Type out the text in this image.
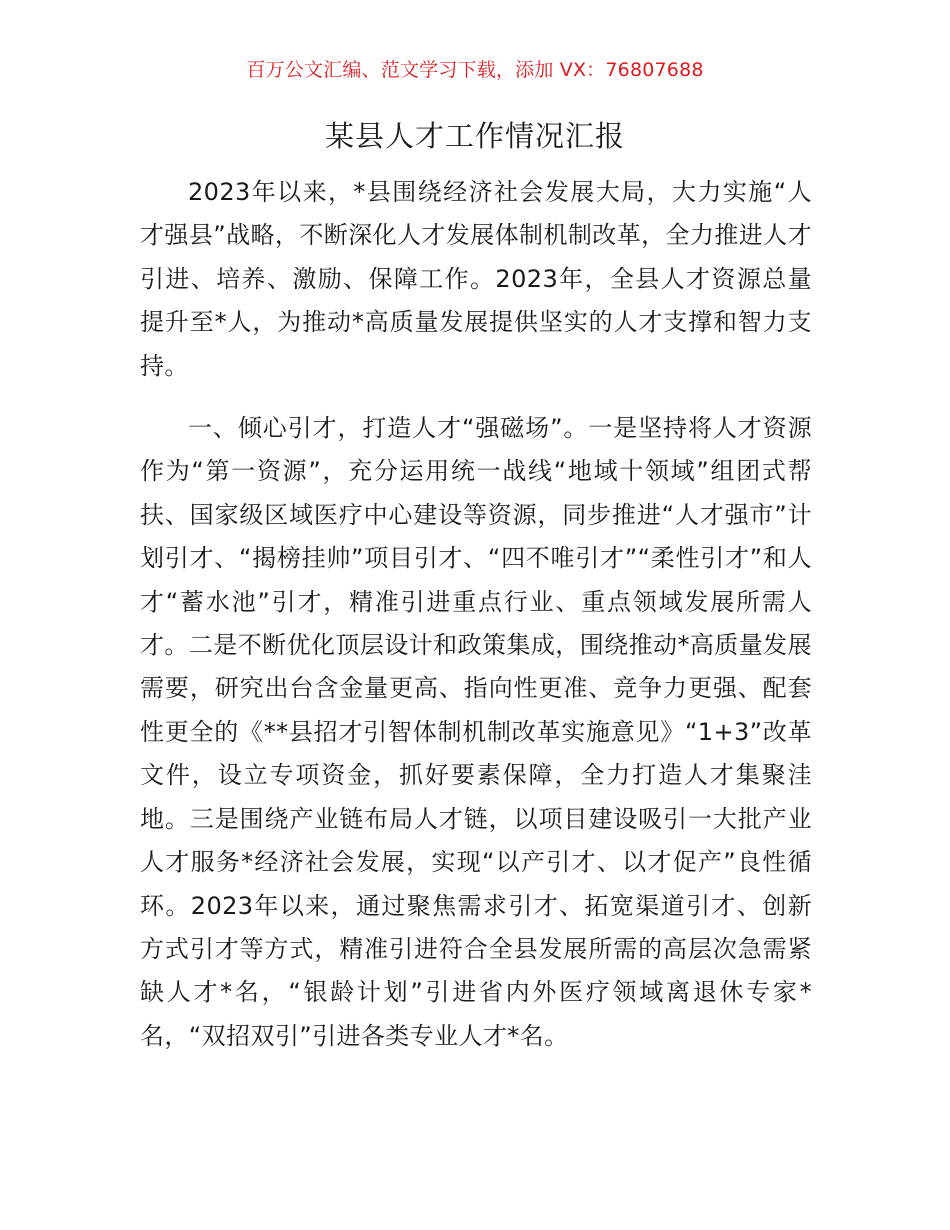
百万公文汇编、范文学习下载，添加 VX：76807688
某县人才工作情况汇报

2023年以来，*县围绕经济社会发展大局，大力实施“人才强县”战略，不断深化人才发展体制机制改革，全力推进人才引进、培养、激励、保障工作。2023年，全县人才资源总量提升至*人，为推动*高质量发展提供坚实的人才支撑和智力支持。

一、倾心引才，打造人才“强磁场”。一是坚持将人才资源作为“第一资源”，充分运用统一战线“地域十领域”组团式帮扶、国家级区域医疗中心建设等资源，同步推进“人才强市”计划引才、“揭榜挂帅”项目引才、“四不唯引才”“柔性引才”和人才“蓄水池”引才，精准引进重点行业、重点领域发展所需人才。二是不断优化顶层设计和政策集成，围绕推动*高质量发展需要，研究出台含金量更高、指向性更准、竞争力更强、配套性更全的《**县招才引智体制机制改革实施意见》“1+3”改革文件，设立专项资金，抓好要素保障，全力打造人才集聚洼地。三是围绕产业链布局人才链，以项目建设吸引一大批产业人才服务*经济社会发展，实现“以产引才、以才促产”良性循环。2023年以来，通过聚焦需求引才、拓宽渠道引才、创新方式引才等方式，精准引进符合全县发展所需的高层次急需紧缺人才*名，“银龄计划”引进省内外医疗领域离退休专家*名，“双招双引”引进各类专业人才*名。
